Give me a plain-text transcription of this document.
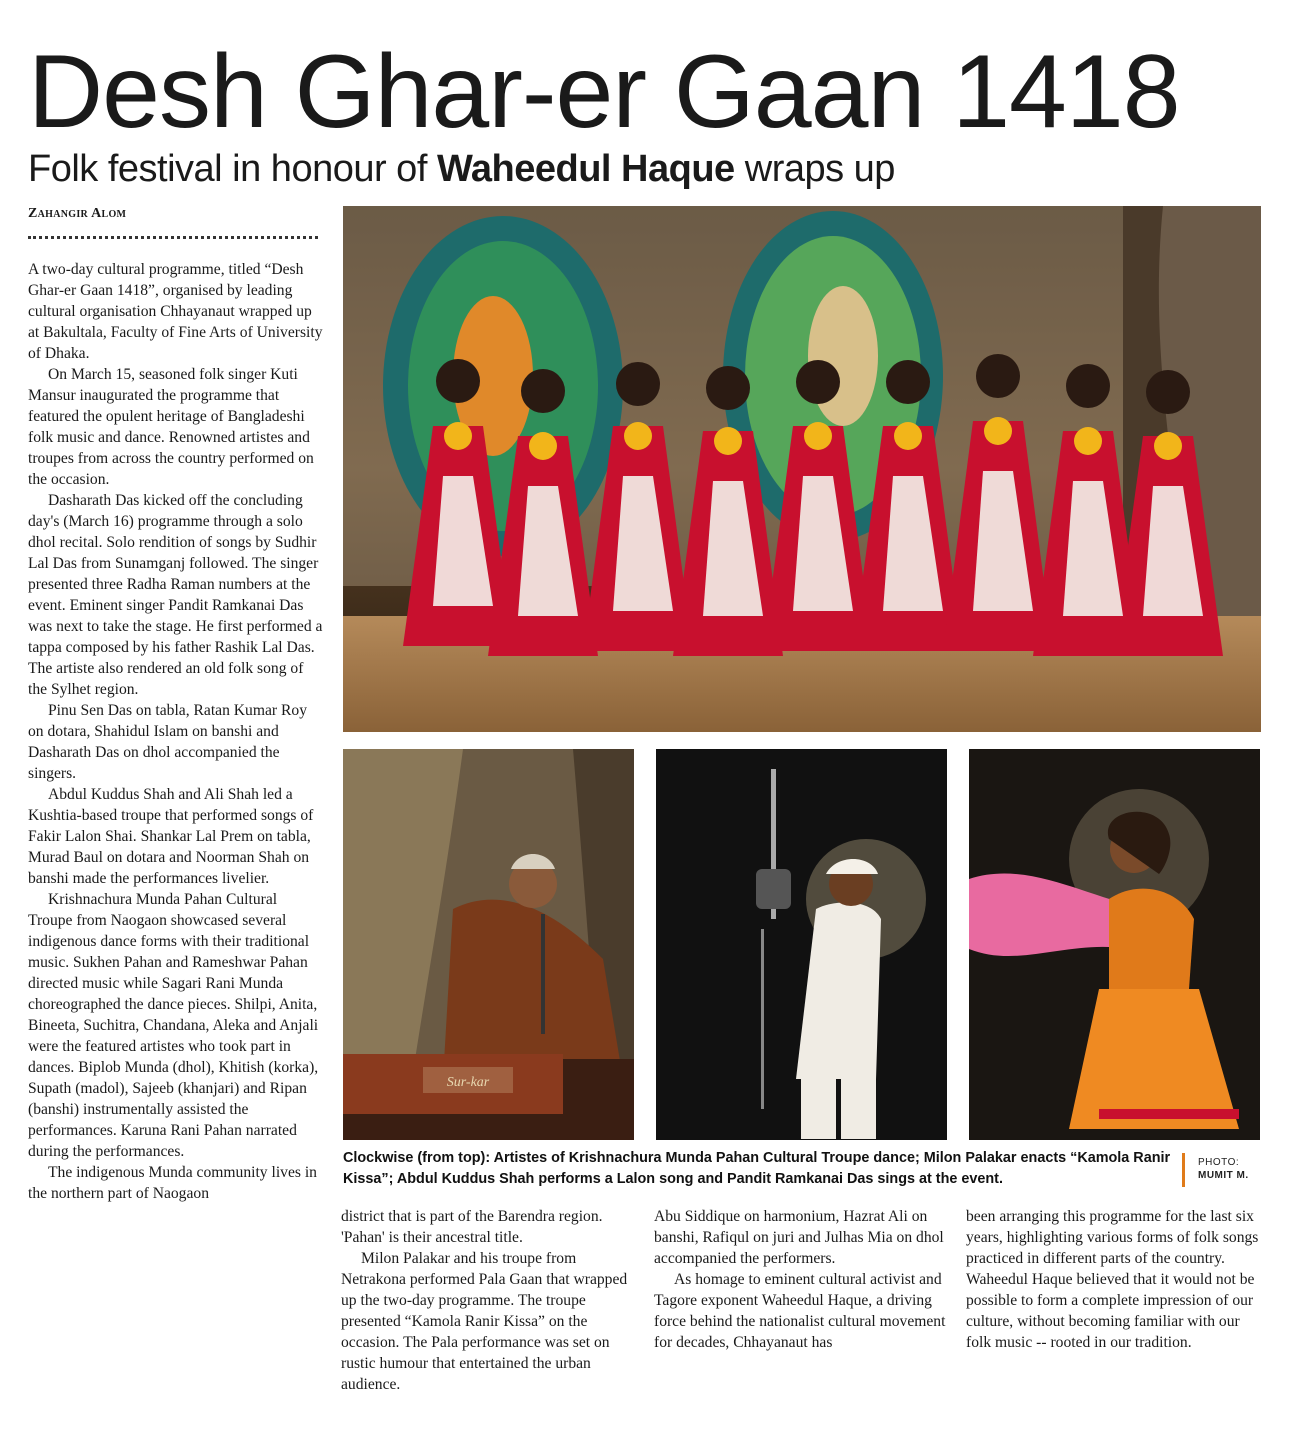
Desh Ghar-er Gaan 1418
Folk festival in honour of Waheedul Haque wraps up
Zahangir Alom

A two-day cultural programme, titled “Desh Ghar-er Gaan 1418”, organised by leading cultural organisation Chhayanaut wrapped up at Bakultala, Faculty of Fine Arts of University of Dhaka.

On March 15, seasoned folk singer Kuti Mansur inaugurated the programme that featured the opulent heritage of Bangladeshi folk music and dance. Renowned artistes and troupes from across the country performed on the occasion.

Dasharath Das kicked off the concluding day's (March 16) programme through a solo dhol recital. Solo rendition of songs by Sudhir Lal Das from Sunamganj followed. The singer presented three Radha Raman numbers at the event. Eminent singer Pandit Ramkanai Das was next to take the stage. He first performed a tappa composed by his father Rashik Lal Das. The artiste also rendered an old folk song of the Sylhet region.

Pinu Sen Das on tabla, Ratan Kumar Roy on dotara, Shahidul Islam on banshi and Dasharath Das on dhol accompanied the singers.

Abdul Kuddus Shah and Ali Shah led a Kushtia-based troupe that performed songs of Fakir Lalon Shai. Shankar Lal Prem on tabla, Murad Baul on dotara and Noorman Shah on banshi made the performances livelier.

Krishnachura Munda Pahan Cultural Troupe from Naogaon showcased several indigenous dance forms with their traditional music. Sukhen Pahan and Rameshwar Pahan directed music while Sagari Rani Munda choreographed the dance pieces. Shilpi, Anita, Bineeta, Suchitra, Chandana, Aleka and Anjali were the featured artistes who took part in dances. Biplob Munda (dhol), Khitish (korka), Supath (madol), Sajeeb (khanjari) and Ripan (banshi) instrumentally assisted the performances. Karuna Rani Pahan narrated during the performances.

The indigenous Munda community lives in the northern part of Naogaon

Sur-kar
Clockwise (from top): Artistes of Krishnachura Munda Pahan Cultural Troupe dance; Milon Palakar enacts “Kamola Ranir Kissa”; Abdul Kuddus Shah performs a Lalon song and Pandit Ramkanai Das sings at the event.
PHOTO:
MUMIT M.

district that is part of the Barendra region. 'Pahan' is their ancestral title.

Milon Palakar and his troupe from Netrakona performed Pala Gaan that wrapped up the two-day programme. The troupe presented “Kamola Ranir Kissa” on the occasion. The Pala performance was set on rustic humour that entertained the urban audience.

Abu Siddique on harmonium, Hazrat Ali on banshi, Rafiqul on juri and Julhas Mia on dhol accompanied the performers.

As homage to eminent cultural activist and Tagore exponent Waheedul Haque, a driving force behind the nationalist cultural movement for decades, Chhayanaut has

been arranging this programme for the last six years, highlighting various forms of folk songs practiced in different parts of the country. Waheedul Haque believed that it would not be possible to form a complete impression of our culture, without becoming familiar with our folk music -- rooted in our tradition.
